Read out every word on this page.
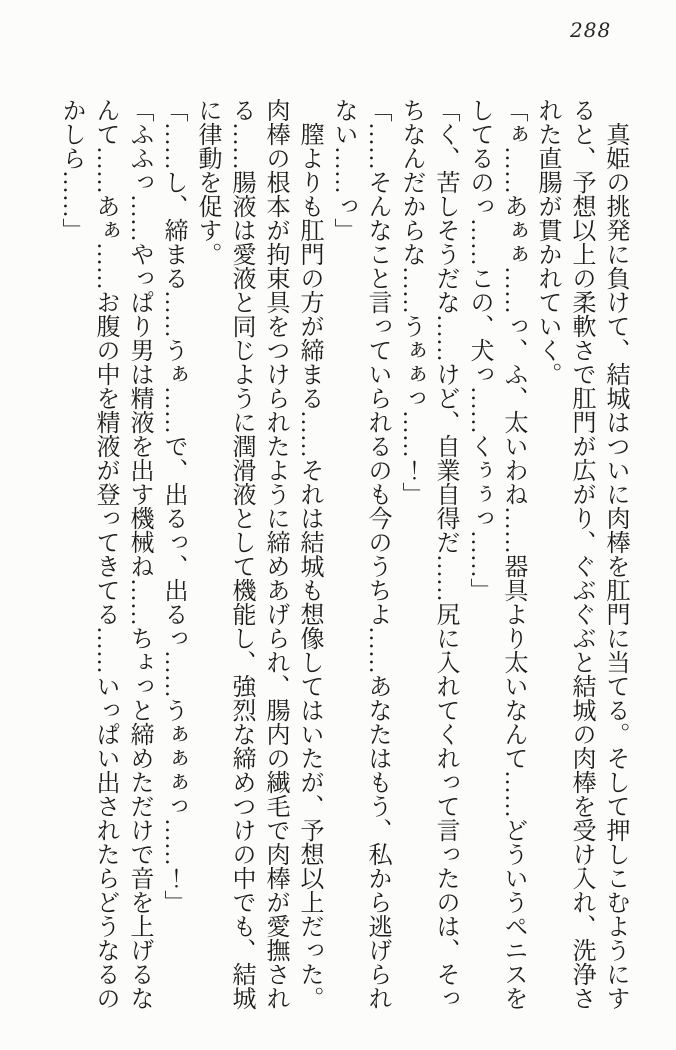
288

真姫の挑発に負けて、結城はついに肉棒を肛門に当てる。そして押しこむようにすると、予想以上の柔軟さで肛門が広がり、ぐぶぐぶと結城の肉棒を受け入れ、洗浄された直腸が貫かれていく。

「ぁ……あぁぁ……っ、ふ、太いわね……器具より太いなんて……どういうペニスをしてるのっ……この、犬っ……くぅぅっ……」

「く、苦しそうだな……けど、自業自得だ……尻に入れてくれって言ったのは、そっちなんだからな……うぁぁっ……！」

「……そんなこと言っていられるのも今のうちよ……あなたはもう、私から逃げられない……っ」

膣よりも肛門の方が締まる……それは結城も想像してはいたが、予想以上だった。肉棒の根本が拘束具をつけられたように締めあげられ、腸内の繊毛で肉棒が愛撫される……腸液は愛液と同じように潤滑液として機能し、強烈な締めつけの中でも、結城に律動を促す。

「……し、締まる……うぁ……で、出るっ、出るっ……うぁぁぁっ……！」

「ふふっ……やっぱり男は精液を出す機械ね……ちょっと締めただけで音を上げるなんて……あぁ……お腹の中を精液が登ってきてる……いっぱい出されたらどうなるのかしら……」
